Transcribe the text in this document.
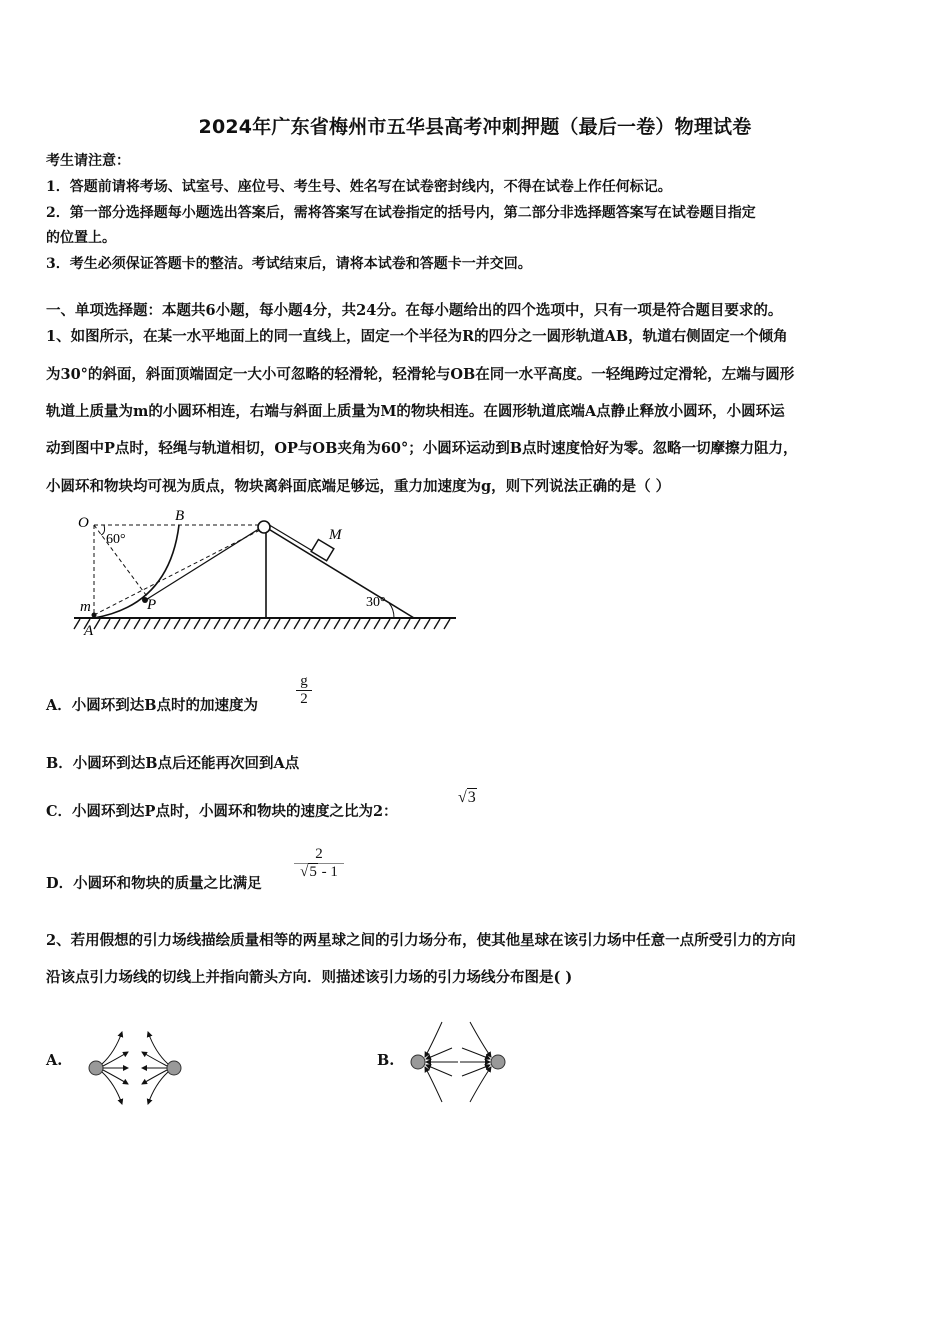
2024年广东省梅州市五华县高考冲刺押题（最后一卷）物理试卷
考生请注意：
1．答题前请将考场、试室号、座位号、考生号、姓名写在试卷密封线内，不得在试卷上作任何标记。
2．第一部分选择题每小题选出答案后，需将答案写在试卷指定的括号内，第二部分非选择题答案写在试卷题目指定
的位置上。
3．考生必须保证答题卡的整洁。考试结束后，请将本试卷和答题卡一并交回。
一、单项选择题：本题共6小题，每小题4分，共24分。在每小题给出的四个选项中，只有一项是符合题目要求的。
1、如图所示，在某一水平地面上的同一直线上，固定一个半径为R的四分之一圆形轨道AB，轨道右侧固定一个倾角
为30°的斜面，斜面顶端固定一大小可忽略的轻滑轮，轻滑轮与OB在同一水平高度。一轻绳跨过定滑轮，左端与圆形
轨道上质量为m的小圆环相连，右端与斜面上质量为M的物块相连。在圆形轨道底端A点静止释放小圆环，小圆环运
动到图中P点时，轻绳与轨道相切，OP与OB夹角为60°；小圆环运动到B点时速度恰好为零。忽略一切摩擦力阻力，
小圆环和物块均可视为质点，物块离斜面底端足够远，重力加速度为g，则下列说法正确的是（ ）
O	B
60°	M
m	P
A
30°
A．小圆环到达B点时的加速度为	$\frac{g}{2}$
B．小圆环到达B点后还能再次回到A点
C．小圆环到达P点时，小圆环和物块的速度之比为2：
√3
D．小圆环和物块的质量之比满足
$\frac{2}{√5 - 1}$
2、若用假想的引力场线描绘质量相等的两星球之间的引力场分布，使其他星球在该引力场中任意一点所受引力的方向
沿该点引力场线的切线上并指向箭头方向．则描述该引力场的引力场线分布图是( )
A.	B.
